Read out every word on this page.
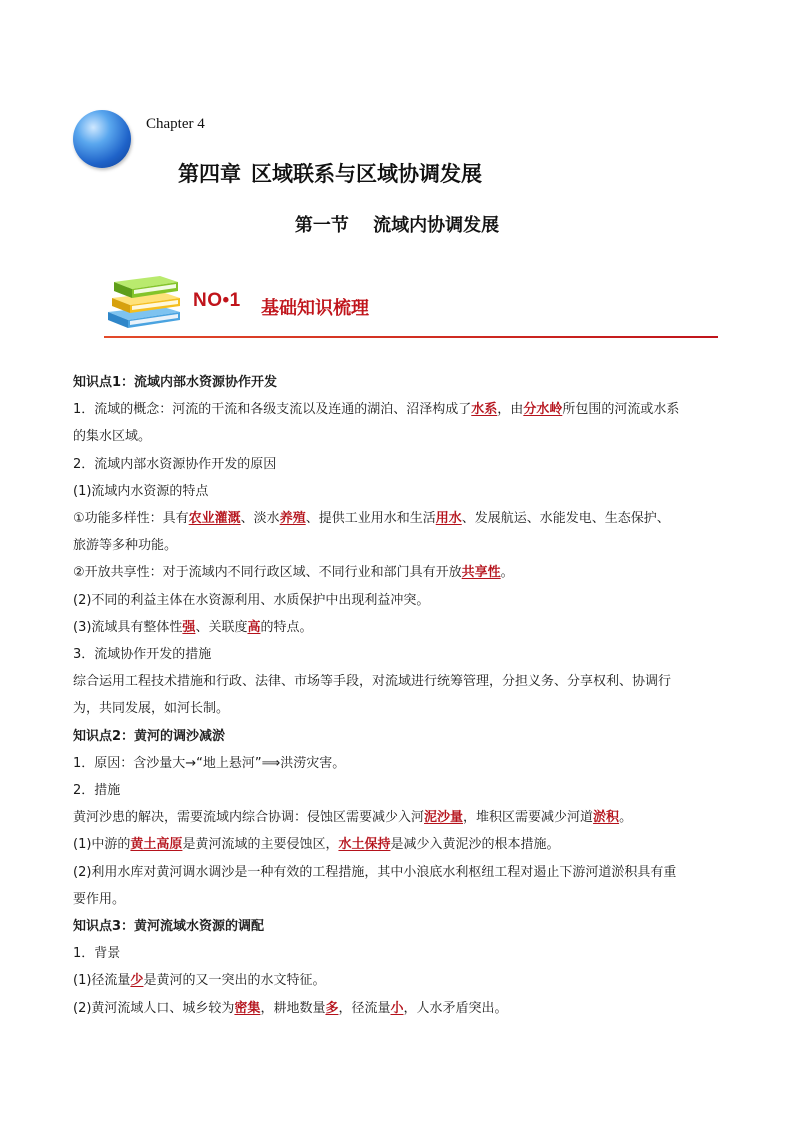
Chapter 4
第四章 区域联系与区域协调发展
第一节　 流域内协调发展
NO•1 基础知识梳理

知识点1：流域内部水资源协作开发

1．流域的概念：河流的干流和各级支流以及连通的湖泊、沼泽构成了水系，由分水岭所包围的河流或水系

的集水区域。

2．流域内部水资源协作开发的原因

(1)流域内水资源的特点

①功能多样性：具有农业灌溉、淡水养殖、提供工业用水和生活用水、发展航运、水能发电、生态保护、

旅游等多种功能。

②开放共享性：对于流域内不同行政区域、不同行业和部门具有开放共享性。

(2)不同的利益主体在水资源利用、水质保护中出现利益冲突。

(3)流域具有整体性强、关联度高的特点。

3．流域协作开发的措施

综合运用工程技术措施和行政、法律、市场等手段，对流域进行统筹管理，分担义务、分享权利、协调行

为，共同发展，如河长制。

知识点2：黄河的调沙减淤

1．原因：含沙量大→“地上悬河”⟹洪涝灾害。

2．措施

黄河沙患的解决，需要流域内综合协调：侵蚀区需要减少入河泥沙量，堆积区需要减少河道淤积。

(1)中游的黄土高原是黄河流域的主要侵蚀区，水土保持是减少入黄泥沙的根本措施。

(2)利用水库对黄河调水调沙是一种有效的工程措施，其中小浪底水利枢纽工程对遏止下游河道淤积具有重

要作用。

知识点3：黄河流域水资源的调配

1．背景

(1)径流量少是黄河的又一突出的水文特征。

(2)黄河流域人口、城乡较为密集，耕地数量多，径流量小，人水矛盾突出。
